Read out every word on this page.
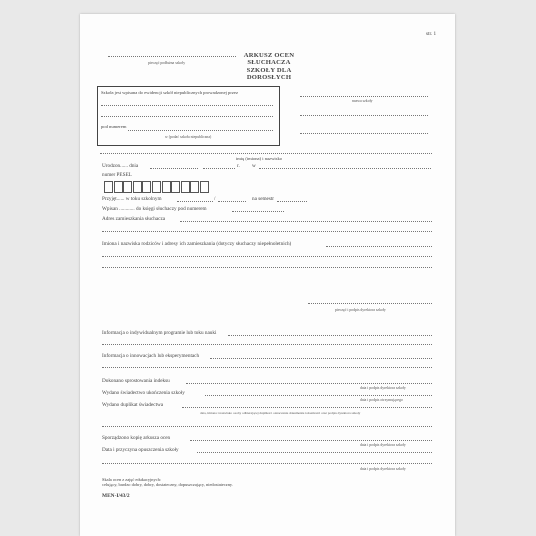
str. 1
pieczęć podłużna szkoły
ARKUSZ OCEN
SŁUCHACZA
SZKOŁY DLA DOROSŁYCH
nazwa szkoły
Szkoła jest wpisana do ewidencji szkół niepublicznych prowadzonej przez
pod numerem
w (podać szkoła niepubliczna)
imię (imiona) i nazwisko
Urodzon...... dnia	r. w
numer PESEL
Przyjęt...... w toku szkolnym	/	na semestr
Wpisan ............ do księgi słuchaczy pod numerem
Adres zamieszkania słuchacza
Imiona i nazwiska rodziców i adresy ich zamieszkania (dotyczy słuchaczy niepełnoletnich)
pieczęć i podpis dyrektora szkoły
Informacja o indywidualnym programie lub toku nauki
Informacja o innowacjach lub eksperymentach
Dokonano sprostowania indeksu
data i podpis dyrektora szkoły
Wydano świadectwo ukończenia szkoły
data i podpis otrzymującego
Wydano duplikat świadectwa
data, imiona i nazwisko osoby odbierającej duplikat i oznaczenie dokumentu tożsamości oraz podpis dyrektora szkoły
Sporządzono kopię arkusza ocen
data i podpis dyrektora szkoły
Data i przyczyna opuszczenia szkoły
data i podpis dyrektora szkoły
Skala ocen z zajęć edukacyjnych:
celujący, bardzo dobry, dobry, dostateczny, dopuszczający, niedostateczny.
MEN-I/43/2
